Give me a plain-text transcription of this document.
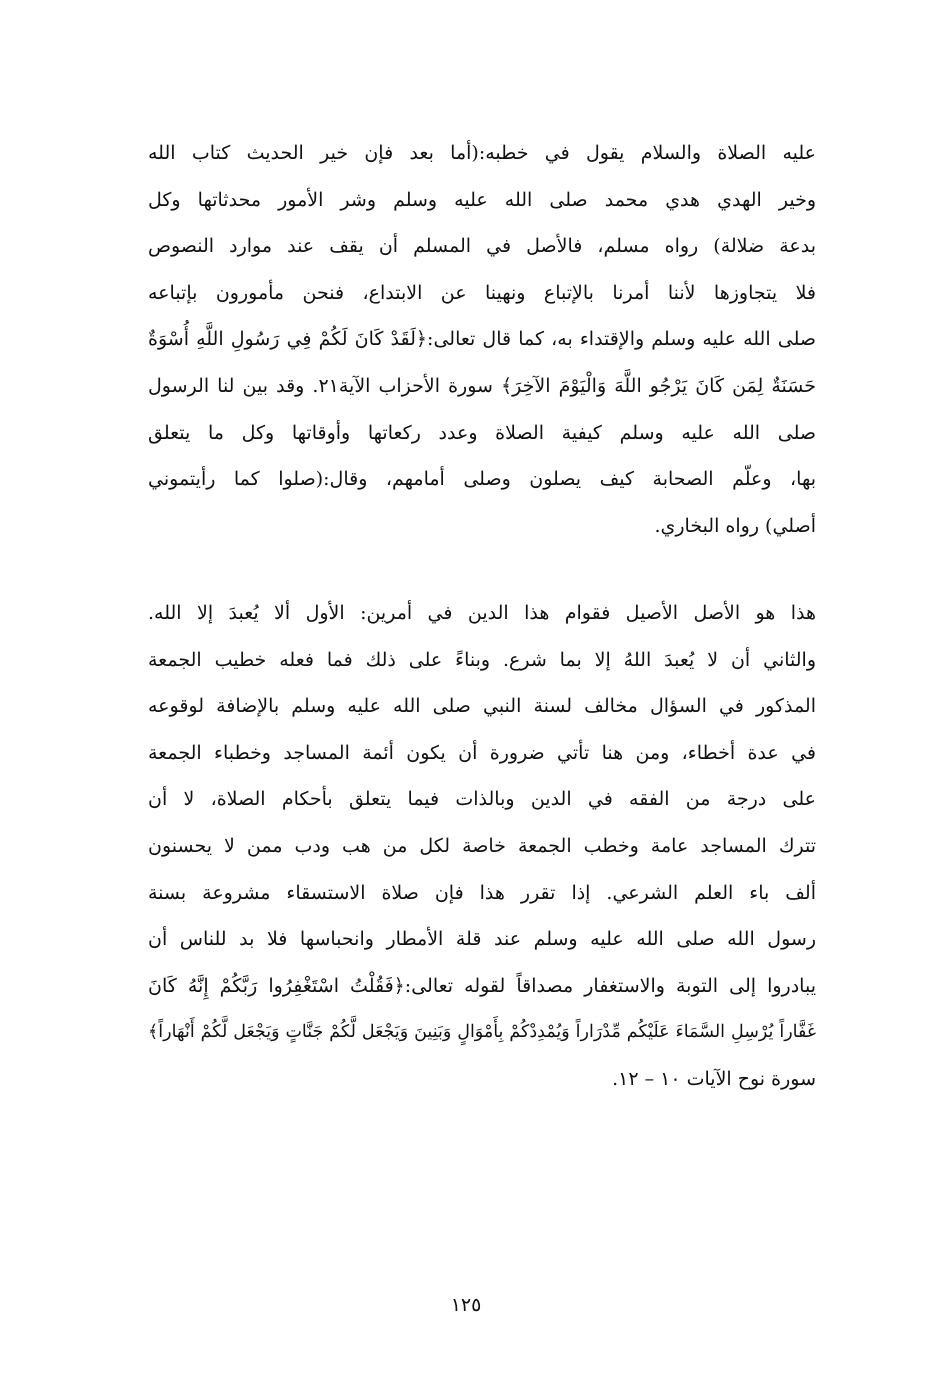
عليه الصلاة والسلام يقول في خطبه:(أما بعد فإن خير الحديث كتاب الله
وخير الهدي هدي محمد صلى الله عليه وسلم وشر الأمور محدثاتها وكل
بدعة ضلالة) رواه مسلم، فالأصل في المسلم أن يقف عند موارد النصوص
فلا يتجاوزها لأننا أمرنا بالإتباع ونهينا عن الابتداع، فنحن مأمورون بإتباعه
صلى الله عليه وسلم والإقتداء به، كما قال تعالى:﴿لَقَدْ كَانَ لَكُمْ فِي رَسُولِ اللَّهِ أُسْوَةٌ
حَسَنَةٌ لِمَن كَانَ يَرْجُو اللَّهَ وَالْيَوْمَ الآخِرَ﴾ سورة الأحزاب الآية٢١. وقد بين لنا الرسول
صلى الله عليه وسلم كيفية الصلاة وعدد ركعاتها وأوقاتها وكل ما يتعلق
بها، وعلّم الصحابة كيف يصلون وصلى أمامهم، وقال:(صلوا كما رأيتموني
أصلي) رواه البخاري.
هذا هو الأصل الأصيل فقوام هذا الدين في أمرين: الأول ألا يُعبدَ إلا الله.
والثاني أن لا يُعبدَ اللهُ إلا بما شرع. وبناءً على ذلك فما فعله خطيب الجمعة
المذكور في السؤال مخالف لسنة النبي صلى الله عليه وسلم بالإضافة لوقوعه
في عدة أخطاء، ومن هنا تأتي ضرورة أن يكون أئمة المساجد وخطباء الجمعة
على درجة من الفقه في الدين وبالذات فيما يتعلق بأحكام الصلاة، لا أن
تترك المساجد عامة وخطب الجمعة خاصة لكل من هب ودب ممن لا يحسنون
ألف باء العلم الشرعي. إذا تقرر هذا فإن صلاة الاستسقاء مشروعة بسنة
رسول الله صلى الله عليه وسلم عند قلة الأمطار وانحباسها فلا بد للناس أن
يبادروا إلى التوبة والاستغفار مصداقاً لقوله تعالى:﴿فَقُلْتُ اسْتَغْفِرُوا رَبَّكُمْ إِنَّهُ كَانَ
غَفَّاراً يُرْسِلِ السَّمَاءَ عَلَيْكُم مِّدْرَاراً وَيُمْدِدْكُمْ بِأَمْوَالٍ وَبَنِينَ وَيَجْعَل لَّكُمْ جَنَّاتٍ وَيَجْعَل لَّكُمْ أَنْهَاراً﴾
سورة نوح الآيات ١٠ – ١٢.
١٢٥
